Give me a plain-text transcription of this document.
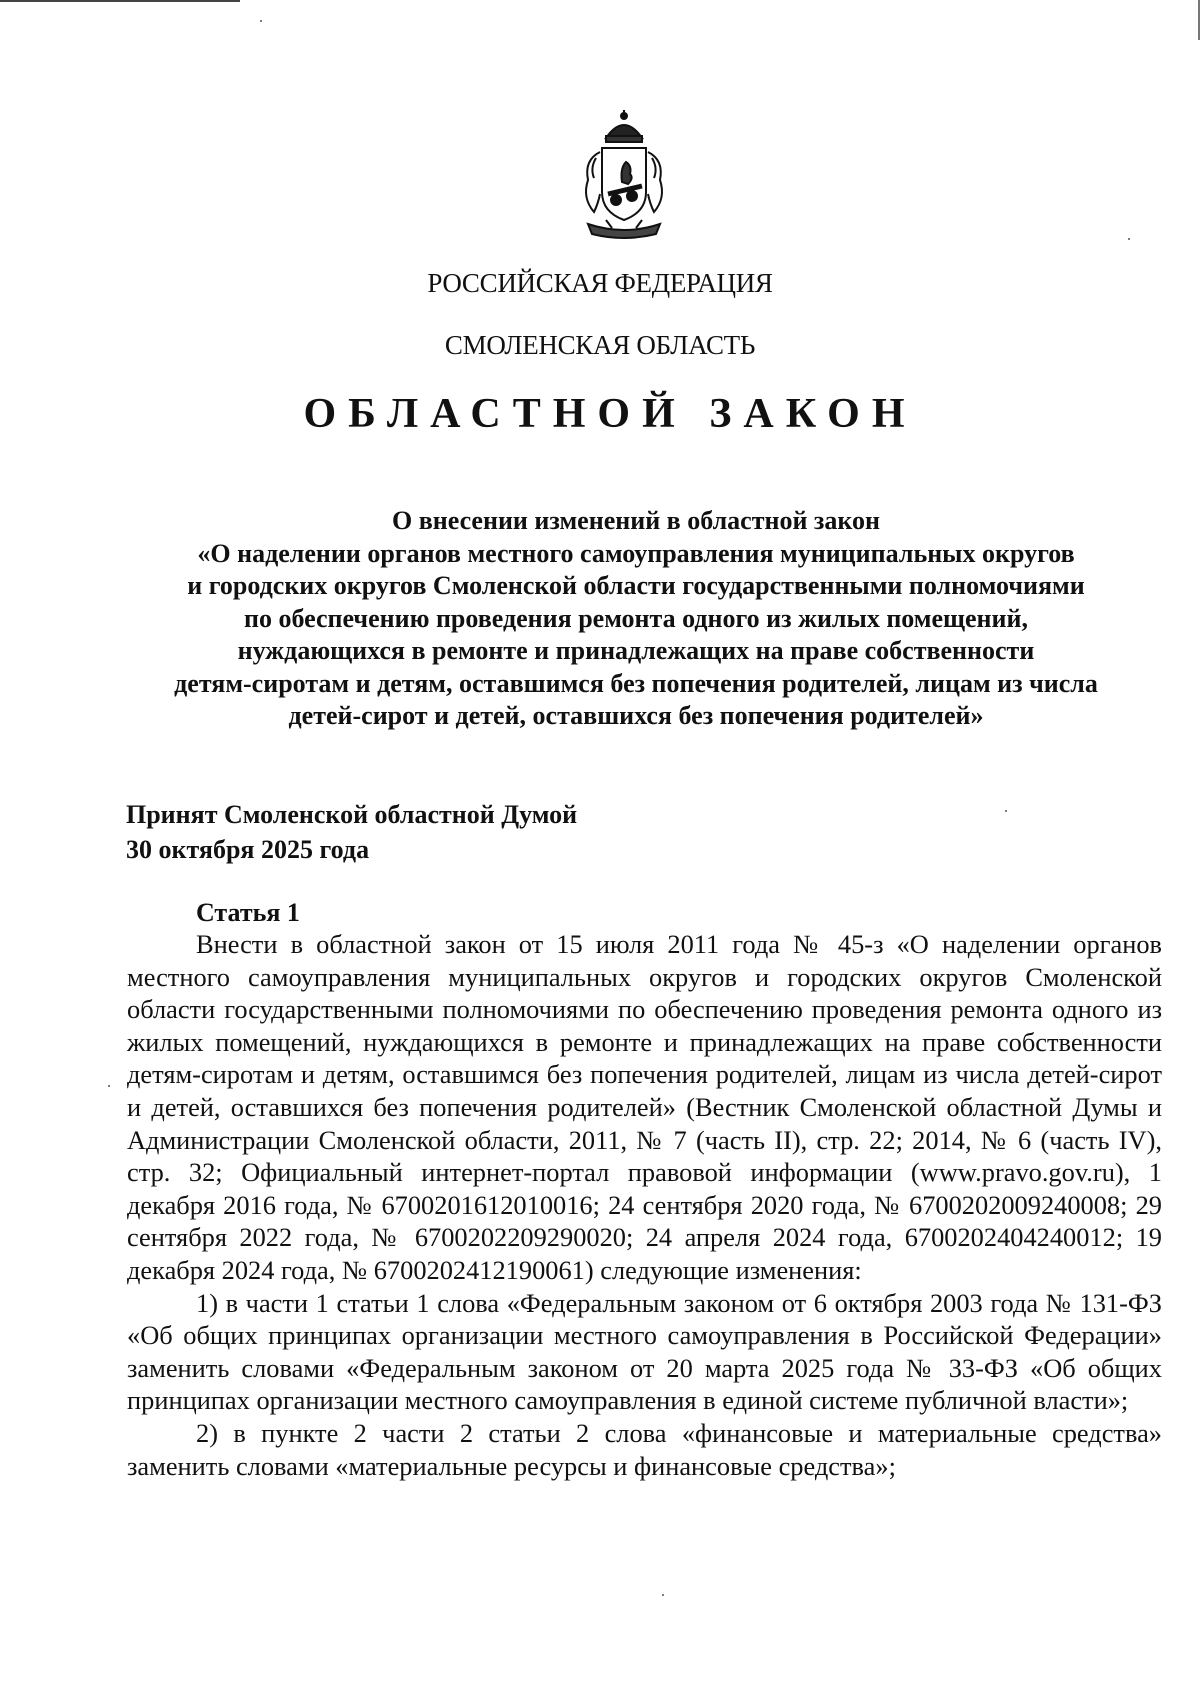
РОССИЙСКАЯ ФЕДЕРАЦИЯ
СМОЛЕНСКАЯ ОБЛАСТЬ
ОБЛАСТНОЙ ЗАКОН
О внесении изменений в областной закон
«О наделении органов местного самоуправления муниципальных округов
и городских округов Смоленской области государственными полномочиями
по обеспечению проведения ремонта одного из жилых помещений,
нуждающихся в ремонте и принадлежащих на праве собственности
детям-сиротам и детям, оставшимся без попечения родителей, лицам из числа
детей-сирот и детей, оставшихся без попечения родителей»
Принят Смоленской областной Думой
30 октября 2025 года
Статья 1

Внести в областной закон от 15 июля 2011 года № 45-з «О наделении органов местного самоуправления муниципальных округов и городских округов Смоленской области государственными полномочиями по обеспечению проведения ремонта одного из жилых помещений, нуждающихся в ремонте и принадлежащих на праве собственности детям-сиротам и детям, оставшимся без попечения родителей, лицам из числа детей-сирот и детей, оставшихся без попечения родителей» (Вестник Смоленской областной Думы и Администрации Смоленской области, 2011, № 7 (часть II), стр. 22; 2014, № 6 (часть IV), стр. 32; Официальный интернет-портал правовой информации (www.pravo.gov.ru), 1 декабря 2016 года, № 6700201612010016; 24 сентября 2020 года, № 6700202009240008; 29 сентября 2022 года, № 6700202209290020; 24 апреля 2024 года, 6700202404240012; 19 декабря 2024 года, № 6700202412190061) следующие изменения:

1) в части 1 статьи 1 слова «Федеральным законом от 6 октября 2003 года № 131-ФЗ «Об общих принципах организации местного самоуправления в Российской Федерации» заменить словами «Федеральным законом от 20 марта 2025 года № 33-ФЗ «Об общих принципах организации местного самоуправления в единой системе публичной власти»;

2) в пункте 2 части 2 статьи 2 слова «финансовые и материальные средства» заменить словами «материальные ресурсы и финансовые средства»;
